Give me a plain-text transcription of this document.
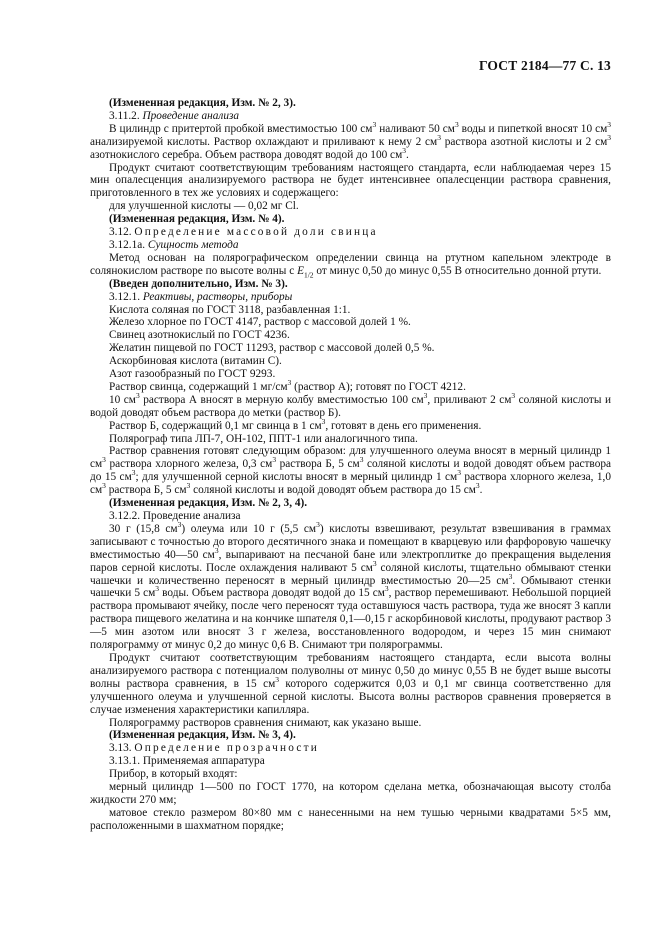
ГОСТ 2184—77 С. 13

(Измененная редакция, Изм. № 2, 3).

3.11.2. Проведение анализа

В цилиндр с притертой пробкой вместимостью 100 $см^3$ наливают 50 $см^3$ воды и пипеткой вносят 10 $см^3$ анализируемой кислоты. Раствор охлаждают и приливают к нему 2 $см^3$ раствора азотной кислоты и 2 $см^3$ азотнокислого серебра. Объем раствора доводят водой до 100 $см^3$.

Продукт считают соответствующим требованиям настоящего стандарта, если наблюдаемая через 15 мин опалесценция анализируемого раствора не будет интенсивнее опалесценции раствора сравнения, приготовленного в тех же условиях и содержащего:

для улучшенной кислоты — 0,02 мг Cl.

(Измененная редакция, Изм. № 4).

3.12. Определение массовой доли свинца

3.12.1а. Сущность метода

Метод основан на полярографическом определении свинца на ртутном капельном электроде в солянокислом растворе по высоте волны с $E_{1/2}$ от минус 0,50 до минус 0,55 В относительно донной ртути.

(Введен дополнительно, Изм. № 3).

3.12.1. Реактивы, растворы, приборы

Кислота соляная по ГОСТ 3118, разбавленная 1:1.

Железо хлорное по ГОСТ 4147, раствор с массовой долей 1 %.

Свинец азотнокислый по ГОСТ 4236.

Желатин пищевой по ГОСТ 11293, раствор с массовой долей 0,5 %.

Аскорбиновая кислота (витамин С).

Азот газообразный по ГОСТ 9293.

Раствор свинца, содержащий 1 $мг/см^3$ (раствор А); готовят по ГОСТ 4212.

10 $см^3$ раствора А вносят в мерную колбу вместимостью 100 $см^3$, приливают 2 $см^3$ соляной кислоты и водой доводят объем раствора до метки (раствор Б).

Раствор Б, содержащий 0,1 мг свинца в 1 $см^3$, готовят в день его применения.

Полярограф типа ЛП-7, ОН-102, ППТ-1 или аналогичного типа.

Раствор сравнения готовят следующим образом: для улучшенного олеума вносят в мерный цилиндр 1 $см^3$ раствора хлорного железа, 0,3 $см^3$ раствора Б, 5 $см^3$ соляной кислоты и водой доводят объем раствора до 15 $см^3$; для улучшенной серной кислоты вносят в мерный цилиндр 1 $см^3$ раствора хлорного железа, 1,0 $см^3$ раствора Б, 5 $см^3$ соляной кислоты и водой доводят объем раствора до 15 $см^3$.

(Измененная редакция, Изм. № 2, 3, 4).

3.12.2. Проведение анализа

30 г (15,8 $см^3$) олеума или 10 г (5,5 $см^3$) кислоты взвешивают, результат взвешивания в граммах записывают с точностью до второго десятичного знака и помещают в кварцевую или фарфоровую чашечку вместимостью 40—50 $см^3$, выпаривают на песчаной бане или электроплитке до прекращения выделения паров серной кислоты. После охлаждения наливают 5 $см^3$ соляной кислоты, тщательно обмывают стенки чашечки и количественно переносят в мерный цилиндр вместимостью 20—25 $см^3$. Обмывают стенки чашечки 5 $см^3$ воды. Объем раствора доводят водой до 15 $см^3$, раствор перемешивают. Небольшой порцией раствора промывают ячейку, после чего переносят туда оставшуюся часть раствора, туда же вносят 3 капли раствора пищевого желатина и на кончике шпателя 0,1—0,15 г аскорбиновой кислоты, продувают раствор 3—5 мин азотом или вносят 3 г железа, восстановленного водородом, и через 15 мин снимают полярограмму от минус 0,2 до минус 0,6 В. Снимают три полярограммы.

Продукт считают соответствующим требованиям настоящего стандарта, если высота волны анализируемого раствора с потенциалом полуволны от минус 0,50 до минус 0,55 В не будет выше высоты волны раствора сравнения, в 15 $см^3$ которого содержится 0,03 и 0,1 мг свинца соответственно для улучшенного олеума и улучшенной серной кислоты. Высота волны растворов сравнения проверяется в случае изменения характеристики капилляра.

Полярограмму растворов сравнения снимают, как указано выше.

(Измененная редакция, Изм. № 3, 4).

3.13. Определение прозрачности

3.13.1. Применяемая аппаратура

Прибор, в который входят:

мерный цилиндр 1—500 по ГОСТ 1770, на котором сделана метка, обозначающая высоту столба жидкости 270 мм;

матовое стекло размером 80×80 мм с нанесенными на нем тушью черными квадратами 5×5 мм, расположенными в шахматном порядке;
